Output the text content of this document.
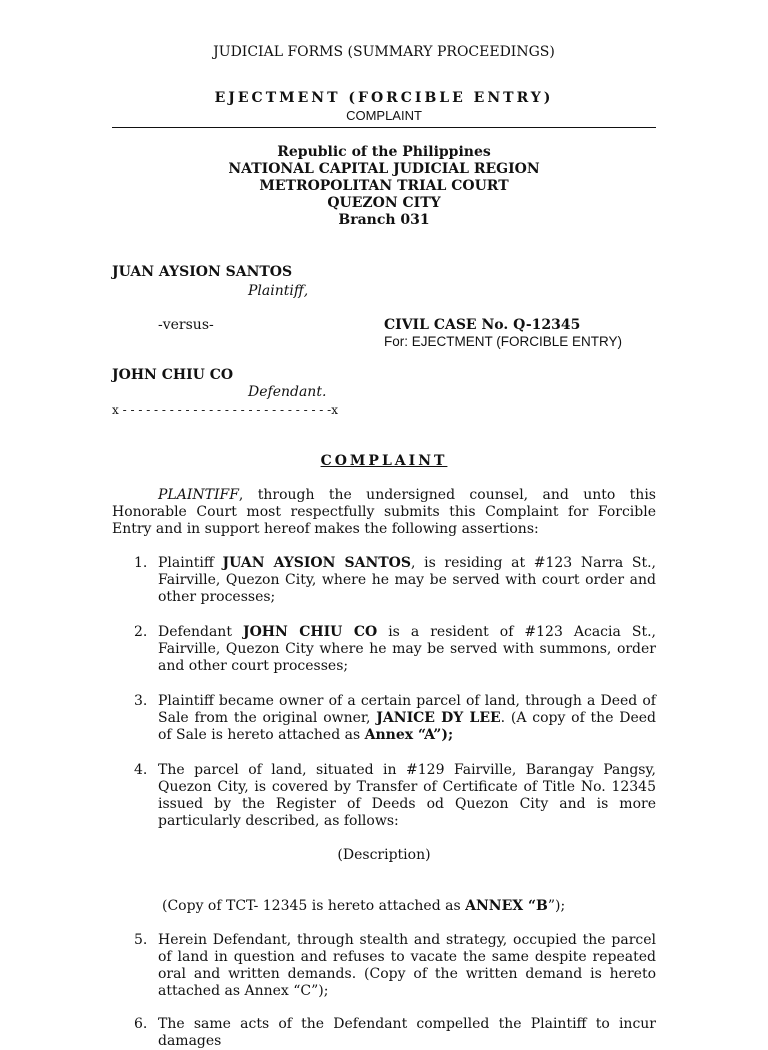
JUDICIAL FORMS (SUMMARY PROCEEDINGS)
EJECTMENT (FORCIBLE ENTRY)
COMPLAINT
Republic of the Philippines
NATIONAL CAPITAL JUDICIAL REGION
METROPOLITAN TRIAL COURT
QUEZON CITY
Branch 031
JUAN AYSION SANTOS
Plaintiff,
-versus-	CIVIL CASE No. Q-12345
For: EJECTMENT (FORCIBLE ENTRY)
JOHN CHIU CO
Defendant.
x - - - - - - - - - - - - - - - - - - - - - - - - - - -x
COMPLAINT
PLAINTIFF, through the undersigned counsel, and unto this Honorable Court most respectfully submits this Complaint for Forcible Entry and in support hereof makes the following assertions:
1. Plaintiff JUAN AYSION SANTOS, is residing at #123 Narra St., Fairville, Quezon City, where he may be served with court order and other processes;
2. Defendant JOHN CHIU CO is a resident of #123 Acacia St., Fairville, Quezon City where he may be served with summons, order and other court processes;
3. Plaintiff became owner of a certain parcel of land, through a Deed of Sale from the original owner, JANICE DY LEE. (A copy of the Deed of Sale is hereto attached as Annex “A”);
4. The parcel of land, situated in #129 Fairville, Barangay Pangsy, Quezon City, is covered by Transfer of Certificate of Title No. 12345 issued by the Register of Deeds od Quezon City and is more particularly described, as follows:
(Description)
(Copy of TCT- 12345 is hereto attached as ANNEX “B”);
5. Herein Defendant, through stealth and strategy, occupied the parcel of land in question and refuses to vacate the same despite repeated oral and written demands. (Copy of the written demand is hereto attached as Annex “C”);
6. The same acts of the Defendant compelled the Plaintiff to incur damages
